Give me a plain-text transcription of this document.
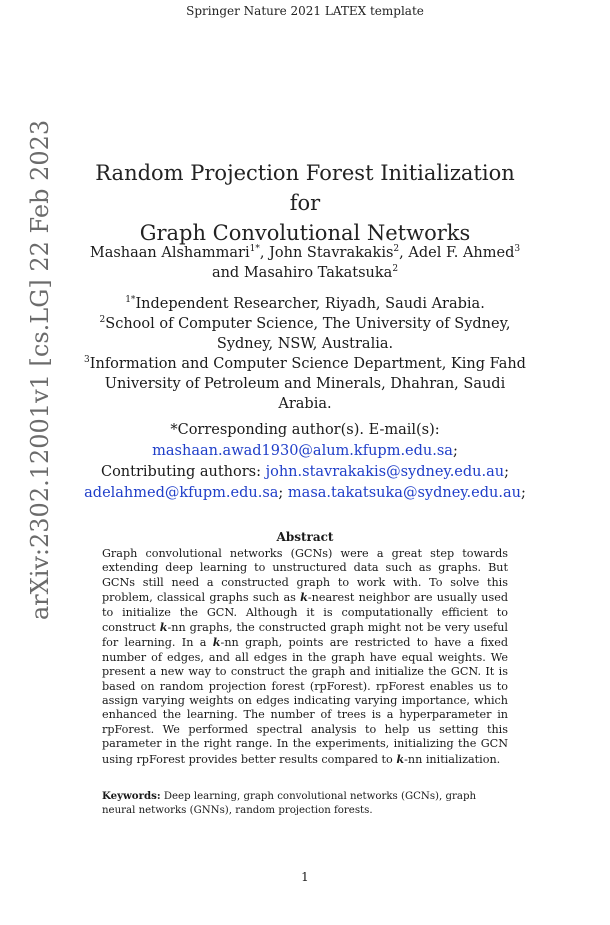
Springer Nature 2021 LATEX template
arXiv:2302.12001v1 [cs.LG] 22 Feb 2023	Random Projection Forest Initialization for
Graph Convolutional Networks
Mashaan Alshammari$^{1*}$, John Stavrakakis$^2$, Adel F. Ahmed$^3$
and Masahiro Takatsuka$^2$
$^{1*}$Independent Researcher, Riyadh, Saudi Arabia.
$^2$School of Computer Science, The University of Sydney, Sydney, NSW, Australia.
$^3$Information and Computer Science Department, King Fahd University of Petroleum and Minerals, Dhahran, Saudi Arabia.
*Corresponding author(s). E-mail(s):
mashaan.awad1930@alum.kfupm.edu.sa;
Contributing authors: john.stavrakakis@sydney.edu.au;
adelahmed@kfupm.edu.sa; masa.takatsuka@sydney.edu.au;
Abstract
Graph convolutional networks (GCNs) were a great step towards extending deep learning to unstructured data such as graphs. But GCNs still need a constructed graph to work with. To solve this problem, classical graphs such as k-nearest neighbor are usually used to initialize the GCN. Although it is computationally efficient to construct k-nn graphs, the constructed graph might not be very useful for learning. In a k-nn graph, points are restricted to have a fixed number of edges, and all edges in the graph have equal weights. We present a new way to construct the graph and initialize the GCN. It is based on random projection forest (rpForest). rpForest enables us to assign varying weights on edges indicating varying importance, which enhanced the learning. The number of trees is a hyperparameter in rpForest. We performed spectral analysis to help us setting this parameter in the right range. In the experiments, initializing the GCN using rpForest provides better results compared to k-nn initialization.
Keywords: Deep learning, graph convolutional networks (GCNs), graph neural networks (GNNs), random projection forests.
1
